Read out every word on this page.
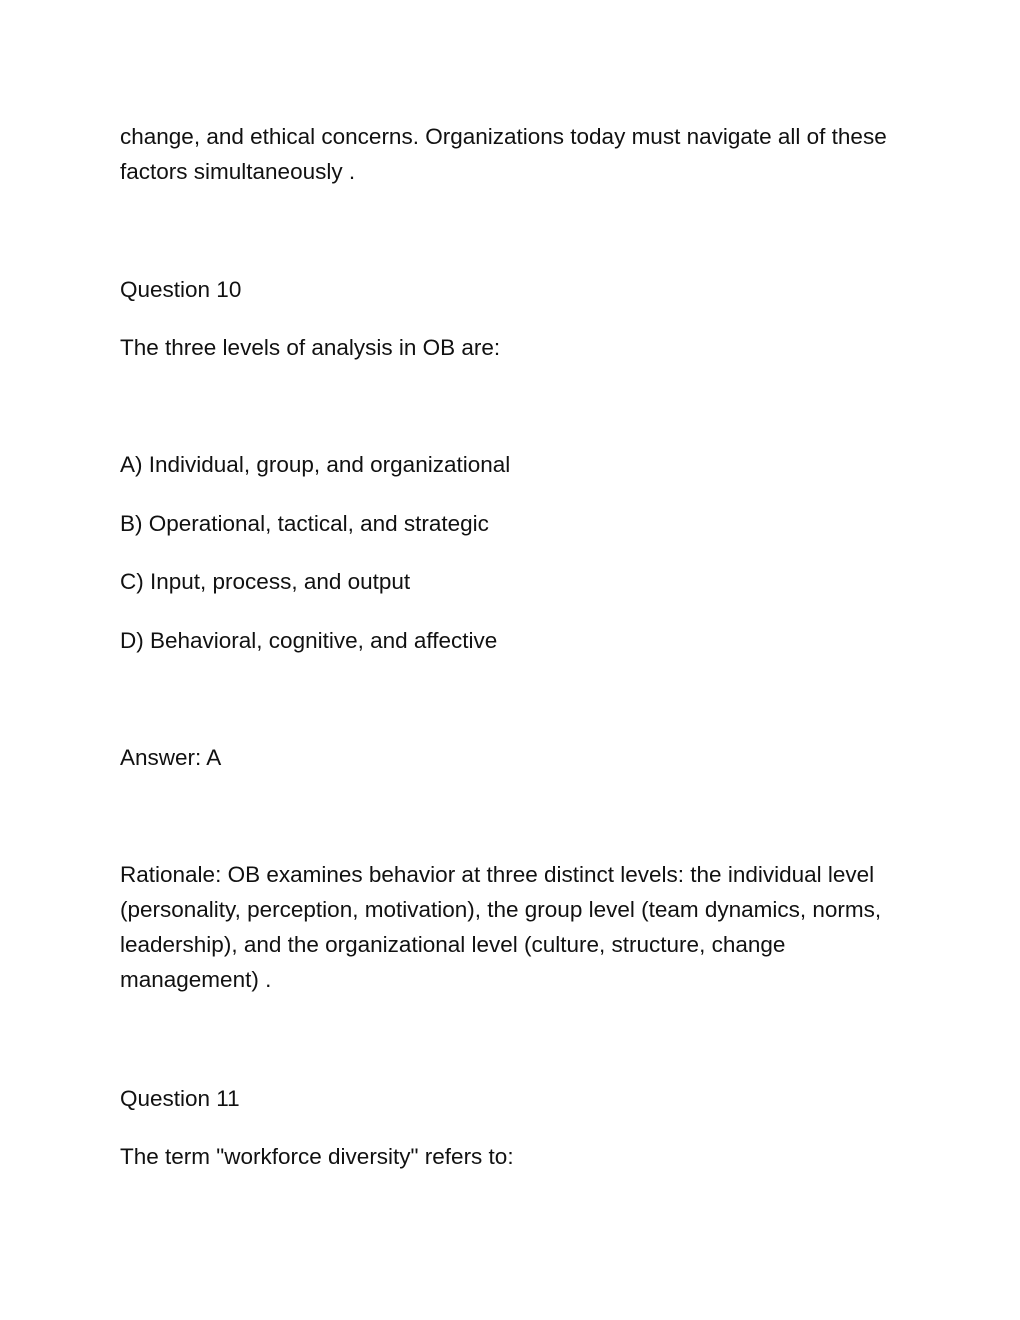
change, and ethical concerns. Organizations today must navigate all of these factors simultaneously .

Question 10

The three levels of analysis in OB are:

A) Individual, group, and organizational

B) Operational, tactical, and strategic

C) Input, process, and output

D) Behavioral, cognitive, and affective

Answer: A

Rationale: OB examines behavior at three distinct levels: the individual level (personality, perception, motivation), the group level (team dynamics, norms, leadership), and the organizational level (culture, structure, change management) .

Question 11

The term "workforce diversity" refers to:
